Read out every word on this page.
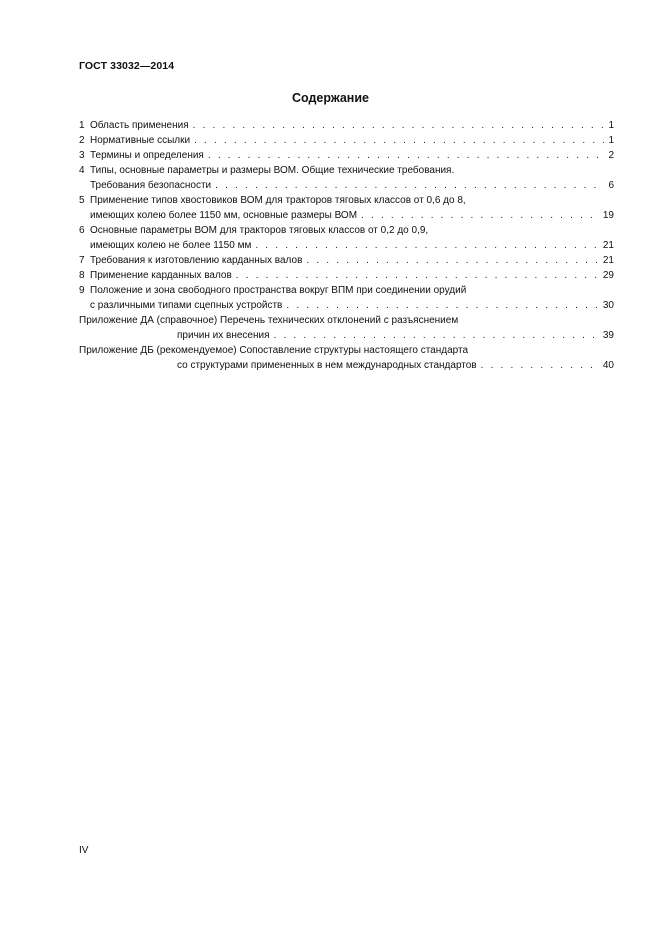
ГОСТ 33032—2014
Содержание
1 Область применения . . .	1
2 Нормативные ссылки . . .	1
3 Термины и определения . . .	2
4 Типы, основные параметры и размеры ВОМ. Общие технические требования.
Требования безопасности . . .	6
5 Применение типов хвостовиков ВОМ для тракторов тяговых классов от 0,6 до 8,
имеющих колею более 1150 мм, основные размеры ВОМ . . .	19
6 Основные параметры ВОМ для тракторов тяговых классов от 0,2 до 0,9,
имеющих колею не более 1150 мм . . .	21
7 Требования к изготовлению карданных валов . . .	21
8 Применение карданных валов . . .	29
9 Положение и зона свободного пространства вокруг ВПМ при соединении орудий
с различными типами сцепных устройств . . .	30
Приложение ДА (справочное) Перечень технических отклонений с разъяснением
причин их внесения . . .	39
Приложение ДБ (рекомендуемое) Сопоставление структуры настоящего стандарта
со структурами примененных в нем международных стандартов . . .	40
IV
